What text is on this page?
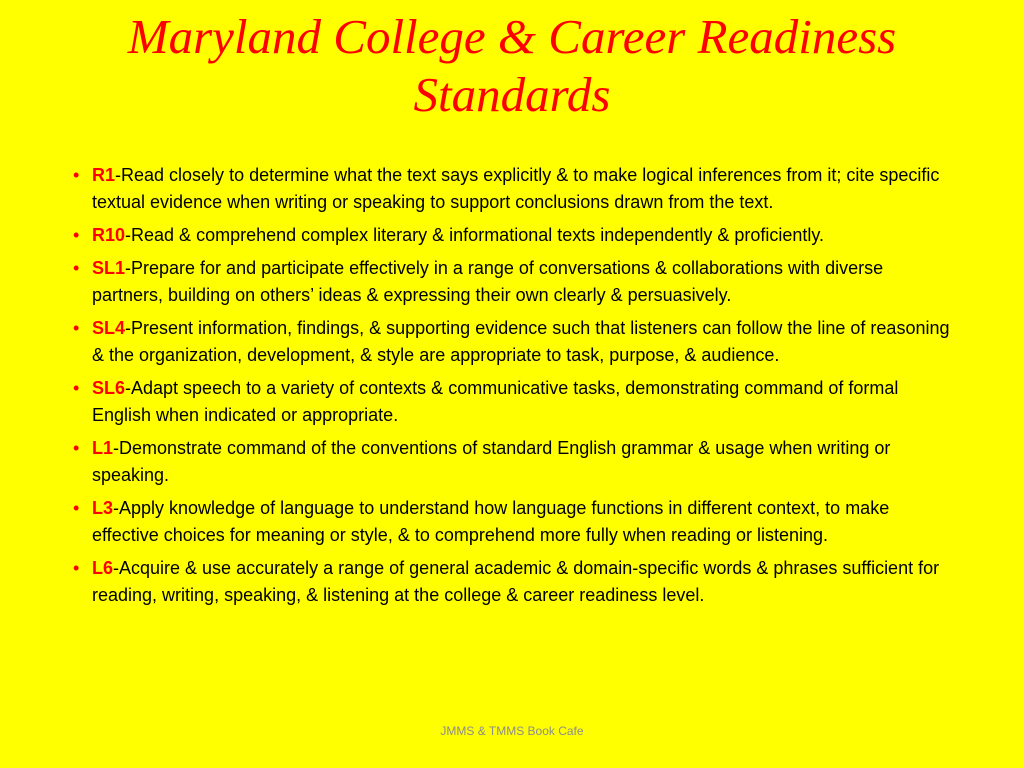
Maryland College & Career Readiness
Standards
• R1-Read closely to determine what the text says explicitly & to make logical inferences from it; cite specific textual evidence when writing or speaking to support conclusions drawn from the text.
• R10-Read & comprehend complex literary & informational texts independently & proficiently.
• SL1-Prepare for and participate effectively in a range of conversations & collaborations with diverse partners, building on others’ ideas & expressing their own clearly & persuasively.
• SL4-Present information, findings, & supporting evidence such that listeners can follow the line of reasoning & the organization, development, & style are appropriate to task, purpose, & audience.
• SL6-Adapt speech to a variety of contexts & communicative tasks, demonstrating command of formal English when indicated or appropriate.
• L1-Demonstrate command of the conventions of standard English grammar & usage when writing or speaking.
• L3-Apply knowledge of language to understand how language functions in different context, to make effective choices for meaning or style, & to comprehend more fully when reading or listening.
• L6-Acquire & use accurately a range of general academic & domain-specific words & phrases sufficient for reading, writing, speaking, & listening at the college & career readiness level.
JMMS & TMMS Book Cafe
